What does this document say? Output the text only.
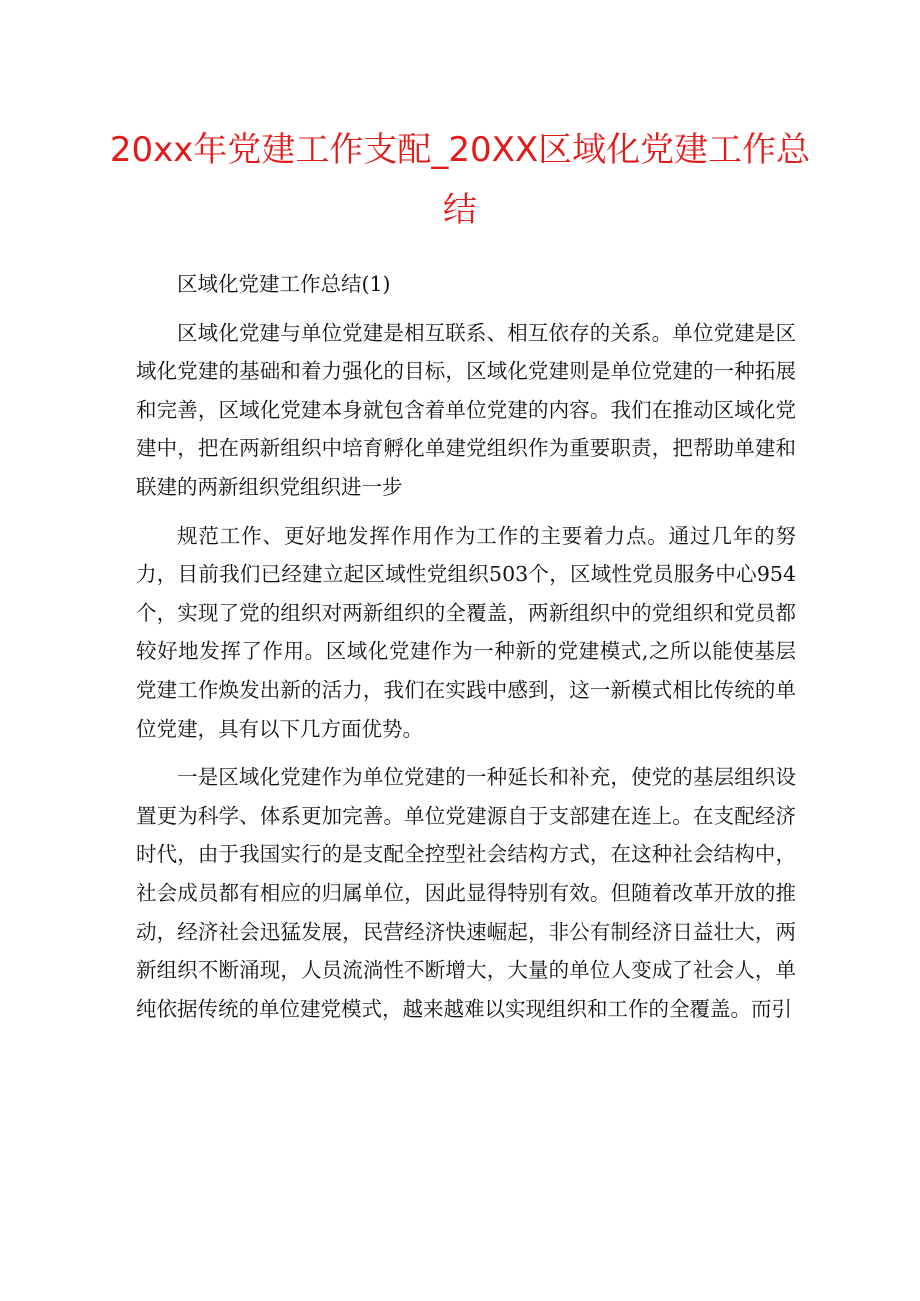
20xx年党建工作支配_20XX区域化党建工作总结

区域化党建工作总结(1)

区域化党建与单位党建是相互联系、相互依存的关系。单位党建是区域化党建的基础和着力强化的目标，区域化党建则是单位党建的一种拓展和完善，区域化党建本身就包含着单位党建的内容。我们在推动区域化党建中，把在两新组织中培育孵化单建党组织作为重要职责，把帮助单建和联建的两新组织党组织进一步

规范工作、更好地发挥作用作为工作的主要着力点。通过几年的努力，目前我们已经建立起区域性党组织503个，区域性党员服务中心954个，实现了党的组织对两新组织的全覆盖，两新组织中的党组织和党员都较好地发挥了作用。区域化党建作为一种新的党建模式,之所以能使基层党建工作焕发出新的活力，我们在实践中感到，这一新模式相比传统的单位党建，具有以下几方面优势。

一是区域化党建作为单位党建的一种延长和补充，使党的基层组织设置更为科学、体系更加完善。单位党建源自于支部建在连上。在支配经济时代，由于我国实行的是支配全控型社会结构方式，在这种社会结构中，社会成员都有相应的归属单位，因此显得特别有效。但随着改革开放的推动，经济社会迅猛发展，民营经济快速崛起，非公有制经济日益壮大，两新组织不断涌现，人员流淌性不断增大，大量的单位人变成了社会人，单纯依据传统的单位建党模式，越来越难以实现组织和工作的全覆盖。而引
